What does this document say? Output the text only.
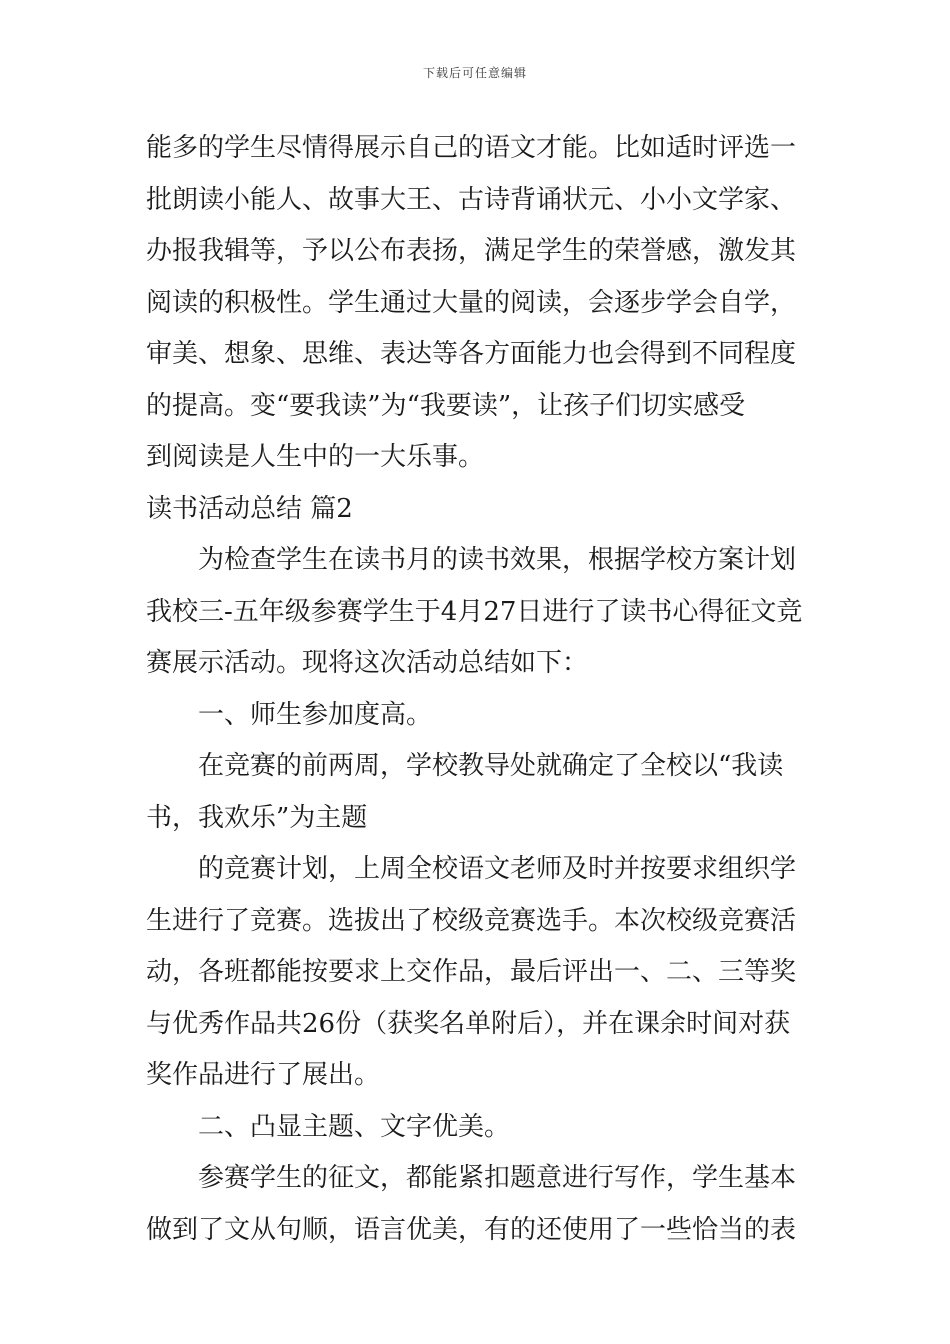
下载后可任意编辑
能多的学生尽情得展示自己的语文才能。比如适时评选一
批朗读小能人、故事大王、古诗背诵状元、小小文学家、
办报我辑等，予以公布表扬，满足学生的荣誉感，激发其
阅读的积极性。学生通过大量的阅读，会逐步学会自学，
审美、想象、思维、表达等各方面能力也会得到不同程度
的提高。变“要我读”为“我要读”，让孩子们切实感受
到阅读是人生中的一大乐事。
读书活动总结 篇2
为检查学生在读书月的读书效果，根据学校方案计划
我校三-五年级参赛学生于4月27日进行了读书心得征文竞
赛展示活动。现将这次活动总结如下：
一、师生参加度高。
在竞赛的前两周，学校教导处就确定了全校以“我读
书，我欢乐”为主题
的竞赛计划，上周全校语文老师及时并按要求组织学
生进行了竞赛。选拔出了校级竞赛选手。本次校级竞赛活
动，各班都能按要求上交作品，最后评出一、二、三等奖
与优秀作品共26份（获奖名单附后），并在课余时间对获
奖作品进行了展出。
二、凸显主题、文字优美。
参赛学生的征文，都能紧扣题意进行写作，学生基本
做到了文从句顺，语言优美，有的还使用了一些恰当的表
